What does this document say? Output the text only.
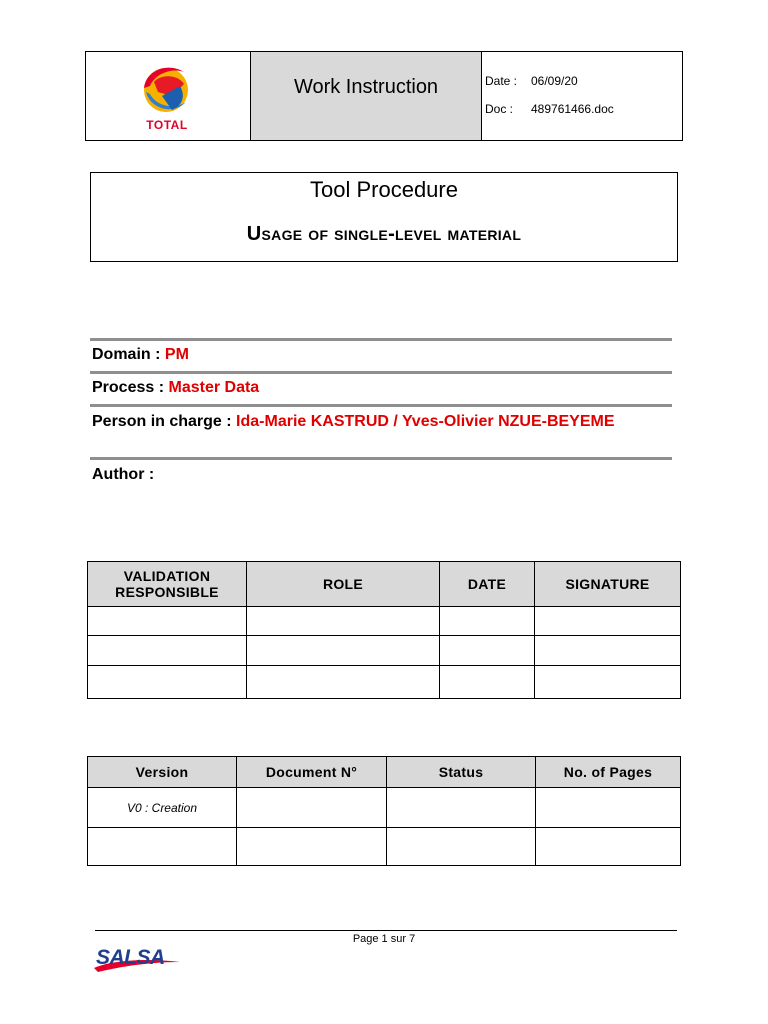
TOTAL
Work Instruction	Date :	06/09/20
Doc :	489761466.doc
Tool Procedure
Usage of single-level material
Domain : PM
Process : Master Data
Person in charge : Ida-Marie KASTRUD / Yves-Olivier NZUE-BEYEME
Author :
VALIDATION RESPONSIBLE	ROLE	DATE	SIGNATURE

Version	Document N°	Status	No. of Pages
V0 : Creation			

Page 1 sur 7
SALSA
